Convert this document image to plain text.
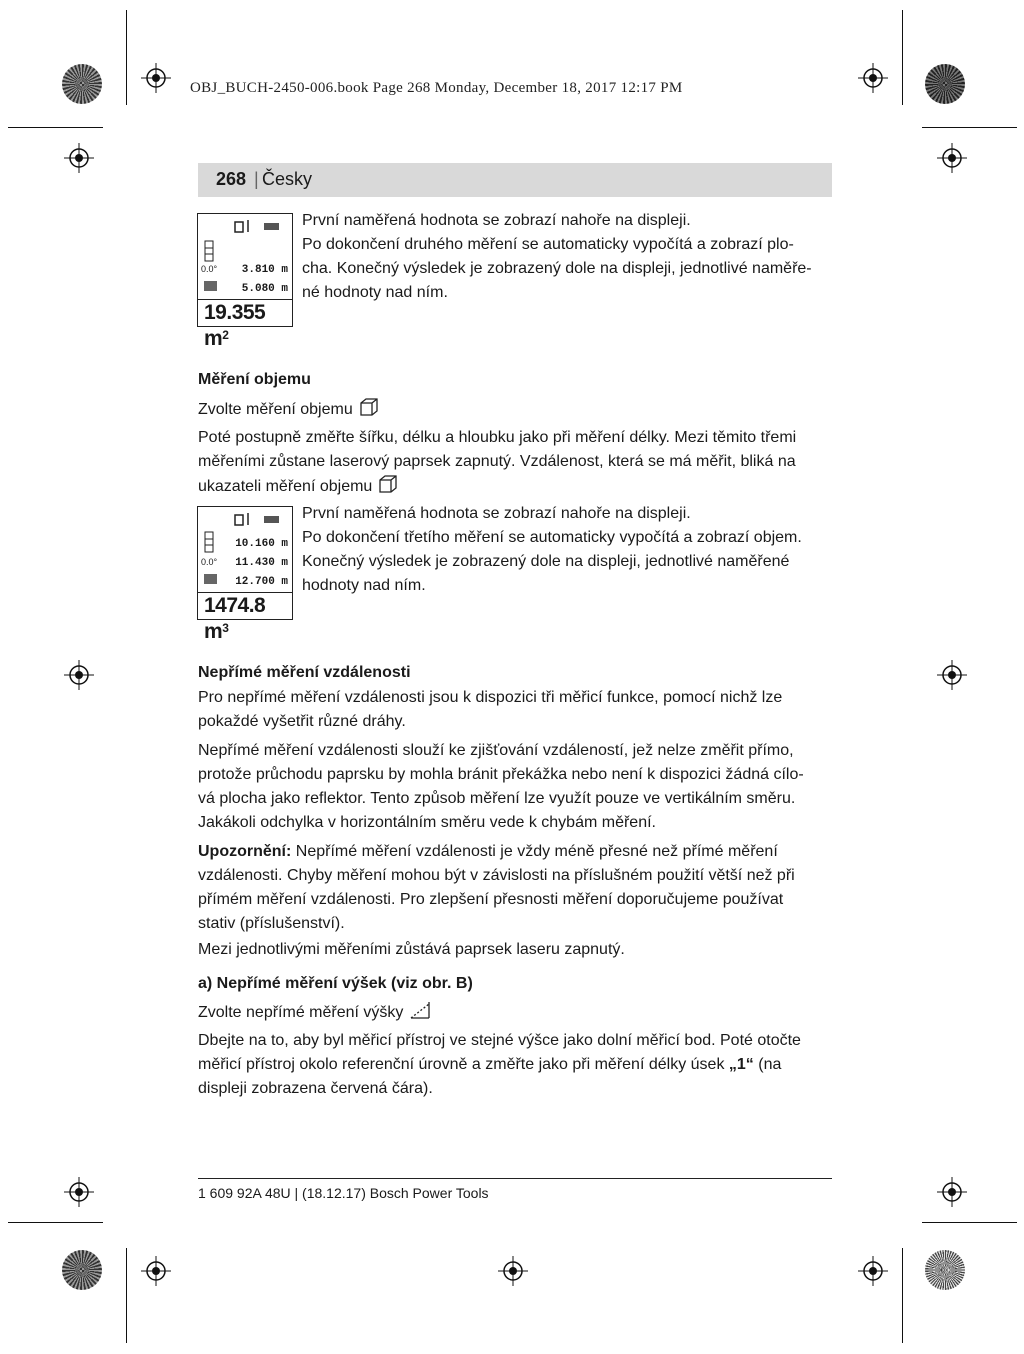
OBJ_BUCH-2450-006.book Page 268 Monday, December 18, 2017 12:17 PM
268 | Česky
0.0° 3.810 m
5.080 m
19.355 $m^2$
První naměřená hodnota se zobrazí nahoře na displeji.
Po dokončení druhého měření se automaticky vypočítá a zobrazí plo-
cha. Konečný výsledek je zobrazený dole na displeji, jednotlivé naměře-
né hodnoty nad ním.
Měření objemu
Zvolte měření objemu
Poté postupně změřte šířku, délku a hloubku jako při měření délky. Mezi těmito třemi
měřeními zůstane laserový paprsek zapnutý. Vzdálenost, která se má měřit, bliká na
ukazateli měření objemu
10.160 m
0.0° 11.430 m
12.700 m
1474.8 $m^3$
První naměřená hodnota se zobrazí nahoře na displeji.
Po dokončení třetího měření se automaticky vypočítá a zobrazí objem.
Konečný výsledek je zobrazený dole na displeji, jednotlivé naměřené
hodnoty nad ním.
Nepřímé měření vzdálenosti
Pro nepřímé měření vzdálenosti jsou k dispozici tři měřicí funkce, pomocí nichž lze
pokaždé vyšetřit různé dráhy.
Nepřímé měření vzdálenosti slouží ke zjišťování vzdáleností, jež nelze změřit přímo,
protože průchodu paprsku by mohla bránit překážka nebo není k dispozici žádná cílo-
vá plocha jako reflektor. Tento způsob měření lze využít pouze ve vertikálním směru.
Jakákoli odchylka v horizontálním směru vede k chybám měření.
Upozornění: Nepřímé měření vzdálenosti je vždy méně přesné než přímé měření
vzdálenosti. Chyby měření mohou být v závislosti na příslušném použití větší než při
přímém měření vzdálenosti. Pro zlepšení přesnosti měření doporučujeme používat
stativ (příslušenství).
Mezi jednotlivými měřeními zůstává paprsek laseru zapnutý.
a) Nepřímé měření výšek (viz obr. B)
Zvolte nepřímé měření výšky
Dbejte na to, aby byl měřicí přístroj ve stejné výšce jako dolní měřicí bod. Poté otočte
měřicí přístroj okolo referenční úrovně a změřte jako při měření délky úsek „1“ (na
displeji zobrazena červená čára).
1 609 92A 48U | (18.12.17) Bosch Power Tools
